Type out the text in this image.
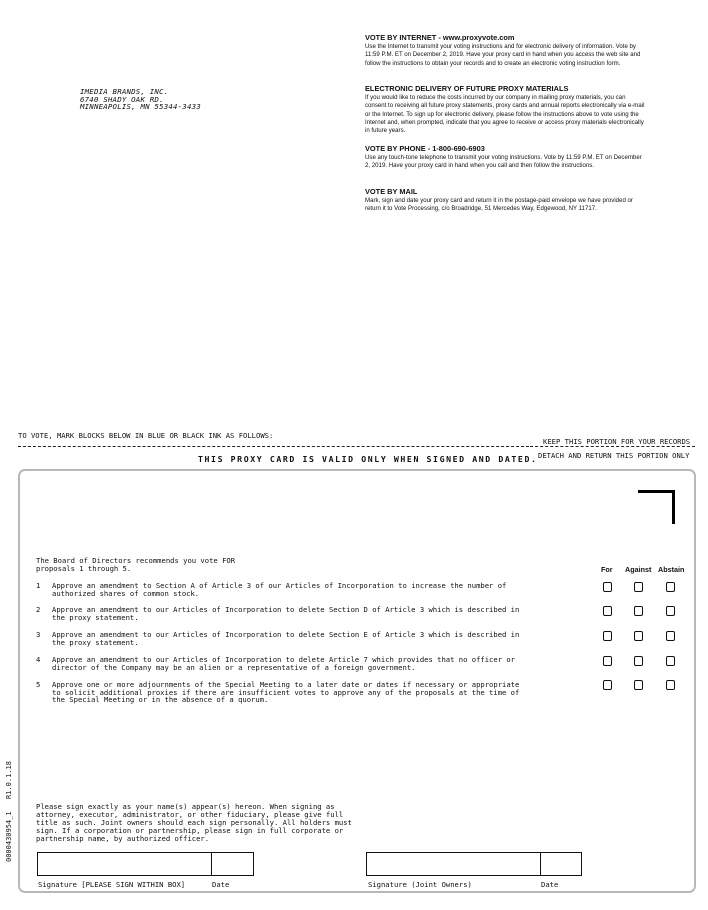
IMEDIA BRANDS, INC.
6740 SHADY OAK RD.
MINNEAPOLIS, MN 55344-3433
VOTE BY INTERNET - www.proxyvote.com
Use the Internet to transmit your voting instructions and for electronic delivery of information. Vote by 11:59 P.M. ET on December 2, 2019. Have your proxy card in hand when you access the web site and follow the instructions to obtain your records and to create an electronic voting instruction form.
ELECTRONIC DELIVERY OF FUTURE PROXY MATERIALS
If you would like to reduce the costs incurred by our company in mailing proxy materials, you can consent to receiving all future proxy statements, proxy cards and annual reports electronically via e-mail or the Internet. To sign up for electronic delivery, please follow the instructions above to vote using the Internet and, when prompted, indicate that you agree to receive or access proxy materials electronically in future years.
VOTE BY PHONE - 1-800-690-6903
Use any touch-tone telephone to transmit your voting instructions. Vote by 11:59 P.M. ET on December 2, 2019. Have your proxy card in hand when you call and then follow the instructions.
VOTE BY MAIL
Mark, sign and date your proxy card and return it in the postage-paid envelope we have provided or return it to Vote Processing, c/o Broadridge, 51 Mercedes Way, Edgewood, NY 11717.
TO VOTE, MARK BLOCKS BELOW IN BLUE OR BLACK INK AS FOLLOWS:
KEEP THIS PORTION FOR YOUR RECORDS
THIS PROXY CARD IS VALID ONLY WHEN SIGNED AND DATED. DETACH AND RETURN THIS PORTION ONLY
The Board of Directors recommends you vote FOR
proposals 1 through 5.	For Against Abstain
1 Approve an amendment to Section A of Article 3 of our Articles of Incorporation to increase the number of
authorized shares of common stock.
2 Approve an amendment to our Articles of Incorporation to delete Section D of Article 3 which is described in
the proxy statement.
3 Approve an amendment to our Articles of Incorporation to delete Section E of Article 3 which is described in
the proxy statement.
4 Approve an amendment to our Articles of Incorporation to delete Article 7 which provides that no officer or
director of the Company may be an alien or a representative of a foreign government.
5 Approve one or more adjournments of the Special Meeting to a later date or dates if necessary or appropriate
to solicit additional proxies if there are insufficient votes to approve any of the proposals at the time of
the Special Meeting or in the absence of a quorum.
0000430954_1
R1.0.1.18
Please sign exactly as your name(s) appear(s) hereon. When signing as
attorney, executor, administrator, or other fiduciary, please give full
title as such. Joint owners should each sign personally. All holders must
sign. If a corporation or partnership, please sign in full corporate or
partnership name, by authorized officer.
Signature [PLEASE SIGN WITHIN BOX]	Date	Signature (Joint Owners)	Date
